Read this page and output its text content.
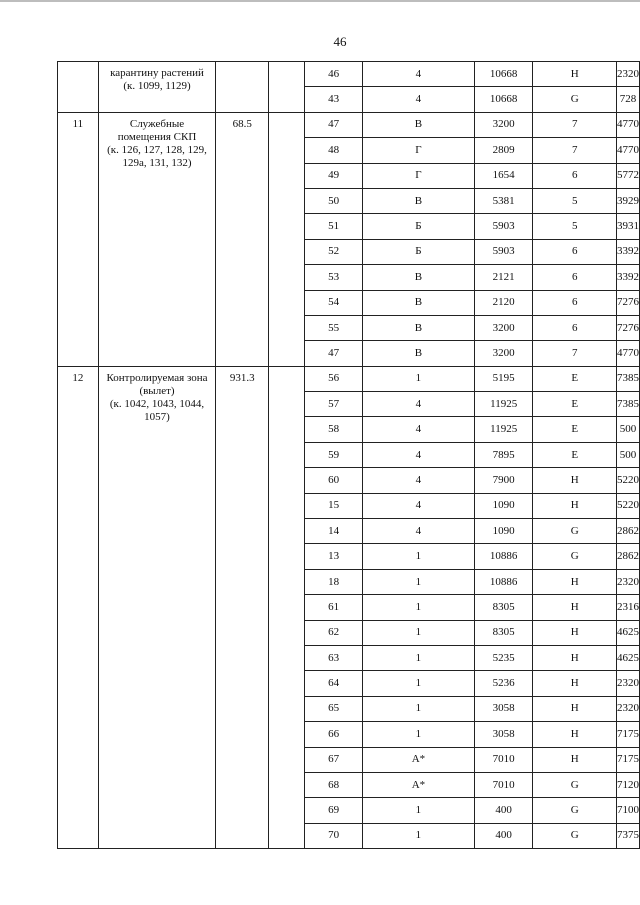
46

	карантину растений
(к. 1099, 1129)			46	4	10668	H	2320
				43	4	10668	G	728
11	Служебные
помещения СКП
(к. 126, 127, 128, 129,
129а, 131, 132)	68.5		47	В	3200	7	4770
				48	Г	2809	7	4770
				49	Г	1654	6	5772
				50	В	5381	5	3929
				51	Б	5903	5	3931
				52	Б	5903	6	3392
				53	В	2121	6	3392
				54	В	2120	6	7276
				55	В	3200	6	7276
				47	В	3200	7	4770
12	Контролируемая зона
(вылет)
(к. 1042, 1043, 1044,
1057)	931.3		56	1	5195	E	7385
				57	4	11925	E	7385
				58	4	11925	E	500
				59	4	7895	E	500
				60	4	7900	H	5220
				15	4	1090	H	5220
				14	4	1090	G	2862
				13	1	10886	G	2862
				18	1	10886	H	2320
				61	1	8305	H	2316
				62	1	8305	H	4625
				63	1	5235	H	4625
				64	1	5236	H	2320
				65	1	3058	H	2320
				66	1	3058	H	7175
				67	A*	7010	H	7175
				68	A*	7010	G	7120
				69	1	400	G	7100
				70	1	400	G	7375
